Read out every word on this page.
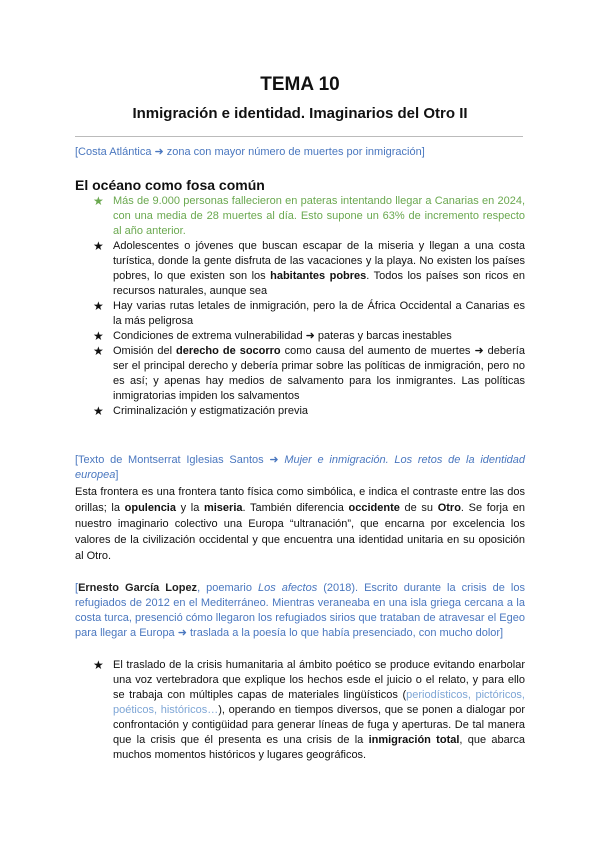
TEMA 10
Inmigración e identidad. Imaginarios del Otro II
[Costa Atlántica ➜ zona con mayor número de muertes por inmigración]
El océano como fosa común
★ Más de 9.000 personas fallecieron en pateras intentando llegar a Canarias en 2024, con una media de 28 muertes al día. Esto supone un 63% de incremento respecto al año anterior.
★ Adolescentes o jóvenes que buscan escapar de la miseria y llegan a una costa turística, donde la gente disfruta de las vacaciones y la playa. No existen los países pobres, lo que existen son los habitantes pobres. Todos los países son ricos en recursos naturales, aunque sea
★ Hay varias rutas letales de inmigración, pero la de África Occidental a Canarias es la más peligrosa
★ Condiciones de extrema vulnerabilidad ➜ pateras y barcas inestables
★ Omisión del derecho de socorro como causa del aumento de muertes ➜ debería ser el principal derecho y debería primar sobre las políticas de inmigración, pero no es así; y apenas hay medios de salvamento para los inmigrantes. Las políticas inmigratorias impiden los salvamentos
★ Criminalización y estigmatización previa
[Texto de Montserrat Iglesias Santos ➜ Mujer e inmigración. Los retos de la identidad europea]

Esta frontera es una frontera tanto física como simbólica, e indica el contraste entre las dos orillas; la opulencia y la miseria. También diferencia occidente de su Otro. Se forja en nuestro imaginario colectivo una Europa “ultranación”, que encarna por excelencia los valores de la civilización occidental y que encuentra una identidad unitaria en su oposición al Otro.

[Ernesto García Lopez, poemario Los afectos (2018). Escrito durante la crisis de los refugiados de 2012 en el Mediterráneo. Mientras veraneaba en una isla griega cercana a la costa turca, presenció cómo llegaron los refugiados sirios que trataban de atravesar el Egeo para llegar a Europa ➜ traslada a la poesía lo que había presenciado, con mucho dolor]
★ El traslado de la crisis humanitaria al ámbito poético se produce evitando enarbolar una voz vertebradora que explique los hechos esde el juicio o el relato, y para ello se trabaja con múltiples capas de materiales lingüísticos (periodísticos, pictóricos, poéticos, históricos…), operando en tiempos diversos, que se ponen a dialogar por confrontación y contigüidad para generar líneas de fuga y aperturas. De tal manera que la crisis que él presenta es una crisis de la inmigración total, que abarca muchos momentos históricos y lugares geográficos.
